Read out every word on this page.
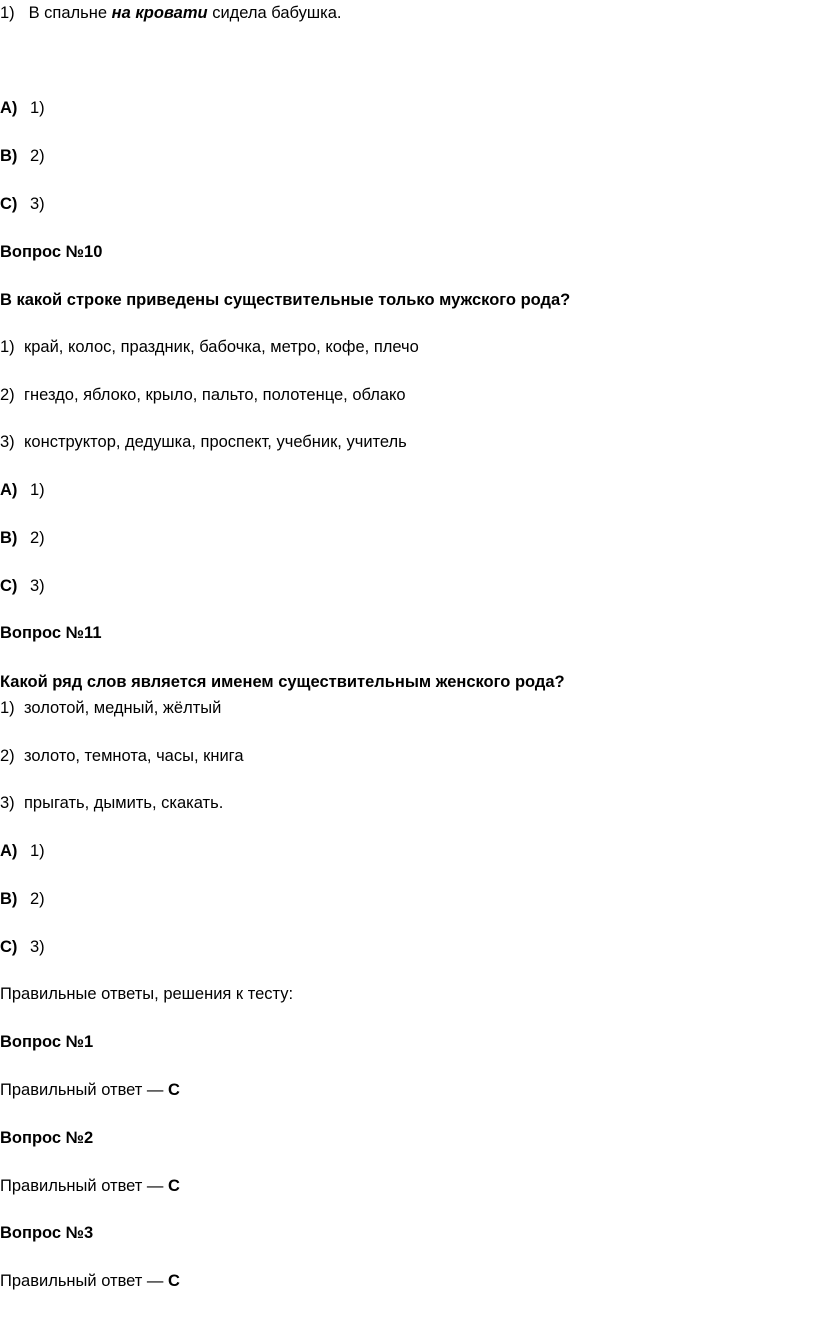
1) В спальне на кровати сидела бабушка.
A) 1)
B) 2)
C) 3)
Вопрос №10
В какой строке приведены существительные только мужского рода?
1) край, колос, праздник, бабочка, метро, кофе, плечо
2) гнездо, яблоко, крыло, пальто, полотенце, облако
3) конструктор, дедушка, проспект, учебник, учитель
A) 1)
B) 2)
C) 3)
Вопрос №11
Какой ряд слов является именем существительным женского рода?
1) золотой, медный, жёлтый
2) золото, темнота, часы, книга
3) прыгать, дымить, скакать.
A) 1)
B) 2)
C) 3)
Правильные ответы, решения к тесту:
Вопрос №1
Правильный ответ — C
Вопрос №2
Правильный ответ — C
Вопрос №3
Правильный ответ — C
